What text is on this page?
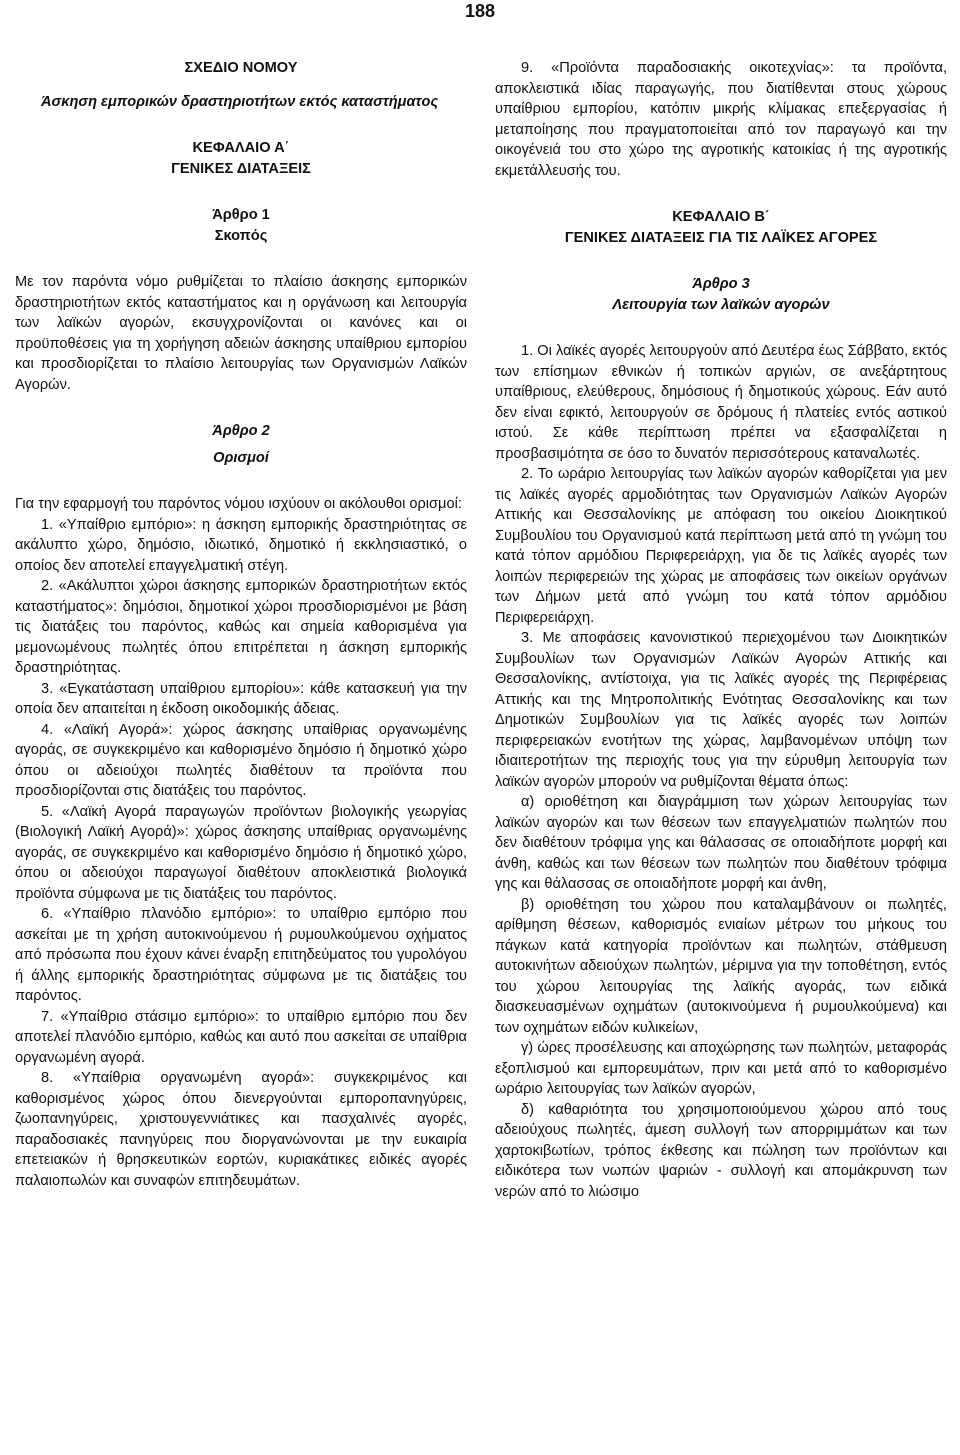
188

ΣΧΕΔΙΟ ΝΟΜΟΥ

Άσκηση εμπορικών δραστηριοτήτων εκτός καταστήματος

ΚΕΦΑΛΑΙΟ Α΄

ΓΕΝΙΚΕΣ ΔΙΑΤΑΞΕΙΣ

Άρθρο 1

Σκοπός

Με τον παρόντα νόμο ρυθμίζεται το πλαίσιο άσκησης εμπορικών δραστηριοτήτων εκτός καταστήματος και η οργάνωση και λειτουργία των λαϊκών αγορών, εκσυγχρονίζονται οι κανόνες και οι προϋποθέσεις για τη χορήγηση αδειών άσκησης υπαίθριου εμπορίου και προσδιορίζεται το πλαίσιο λειτουργίας των Οργανισμών Λαϊκών Αγορών.

Άρθρο 2

Ορισμοί

Για την εφαρμογή του παρόντος νόμου ισχύουν οι ακόλουθοι ορισμοί:

1. «Υπαίθριο εμπόριο»: η άσκηση εμπορικής δραστηριότητας σε ακάλυπτο χώρο, δημόσιο, ιδιωτικό, δημοτικό ή εκκλησιαστικό, ο οποίος δεν αποτελεί επαγγελματική στέγη.

2. «Ακάλυπτοι χώροι άσκησης εμπορικών δραστηριοτήτων εκτός καταστήματος»: δημόσιοι, δημοτικοί χώροι προσδιορισμένοι με βάση τις διατάξεις του παρόντος, καθώς και σημεία καθορισμένα για μεμονωμένους πωλητές όπου επιτρέπεται η άσκηση εμπορικής δραστηριότητας.

3. «Εγκατάσταση υπαίθριου εμπορίου»: κάθε κατασκευή για την οποία δεν απαιτείται η έκδοση οικοδομικής άδειας.

4. «Λαϊκή Αγορά»: χώρος άσκησης υπαίθριας οργανωμένης αγοράς, σε συγκεκριμένο και καθορισμένο δημόσιο ή δημοτικό χώρο όπου οι αδειούχοι πωλητές διαθέτουν τα προϊόντα που προσδιορίζονται στις διατάξεις του παρόντος.

5. «Λαϊκή Αγορά παραγωγών προϊόντων βιολογικής γεωργίας (Βιολογική Λαϊκή Αγορά)»: χώρος άσκησης υπαίθριας οργανωμένης αγοράς, σε συγκεκριμένο και καθορισμένο δημόσιο ή δημοτικό χώρο, όπου οι αδειούχοι παραγωγοί διαθέτουν αποκλειστικά βιολογικά προϊόντα σύμφωνα με τις διατάξεις του παρόντος.

6. «Υπαίθριο πλανόδιο εμπόριο»: το υπαίθριο εμπόριο που ασκείται με τη χρήση αυτοκινούμενου ή ρυμουλκούμενου οχήματος από πρόσωπα που έχουν κάνει έναρξη επιτηδεύματος του γυρολόγου ή άλλης εμπορικής δραστηριότητας σύμφωνα με τις διατάξεις του παρόντος.

7. «Υπαίθριο στάσιμο εμπόριο»: το υπαίθριο εμπόριο που δεν αποτελεί πλανόδιο εμπόριο, καθώς και αυτό που ασκείται σε υπαίθρια οργανωμένη αγορά.

8. «Υπαίθρια οργανωμένη αγορά»: συγκεκριμένος και καθορισμένος χώρος όπου διενεργούνται εμποροπανηγύρεις, ζωοπανηγύρεις, χριστουγεννιάτικες και πασχαλινές αγορές, παραδοσιακές πανηγύρεις που διοργανώνονται με την ευκαιρία επετειακών ή θρησκευτικών εορτών, κυριακάτικες ειδικές αγορές παλαιοπωλών και συναφών επιτηδευμάτων.

9. «Προϊόντα παραδοσιακής οικοτεχνίας»: τα προϊόντα, αποκλειστικά ιδίας παραγωγής, που διατίθενται στους χώρους υπαίθριου εμπορίου, κατόπιν μικρής κλίμακας επεξεργασίας ή μεταποίησης που πραγματοποιείται από τον παραγωγό και την οικογένειά του στο χώρο της αγροτικής κατοικίας ή της αγροτικής εκμετάλλευσής του.

ΚΕΦΑΛΑΙΟ Β΄

ΓΕΝΙΚΕΣ ΔΙΑΤΑΞΕΙΣ ΓΙΑ ΤΙΣ ΛΑΪΚΕΣ ΑΓΟΡΕΣ

Άρθρο 3

Λειτουργία των λαϊκών αγορών

1. Οι λαϊκές αγορές λειτουργούν από Δευτέρα έως Σάββατο, εκτός των επίσημων εθνικών ή τοπικών αργιών, σε ανεξάρτητους υπαίθριους, ελεύθερους, δημόσιους ή δημοτικούς χώρους. Εάν αυτό δεν είναι εφικτό, λειτουργούν σε δρόμους ή πλατείες εντός αστικού ιστού. Σε κάθε περίπτωση πρέπει να εξασφαλίζεται η προσβασιμότητα σε όσο το δυνατόν περισσότερους καταναλωτές.

2. Το ωράριο λειτουργίας των λαϊκών αγορών καθορίζεται για μεν τις λαϊκές αγορές αρμοδιότητας των Οργανισμών Λαϊκών Αγορών Αττικής και Θεσσαλονίκης με απόφαση του οικείου Διοικητικού Συμβουλίου του Οργανισμού κατά περίπτωση μετά από τη γνώμη του κατά τόπον αρμόδιου Περιφερειάρχη, για δε τις λαϊκές αγορές των λοιπών περιφερειών της χώρας με αποφάσεις των οικείων οργάνων των Δήμων μετά από γνώμη του κατά τόπον αρμόδιου Περιφερειάρχη.

3. Με αποφάσεις κανονιστικού περιεχομένου των Διοικητικών Συμβουλίων των Οργανισμών Λαϊκών Αγορών Αττικής και Θεσσαλονίκης, αντίστοιχα, για τις λαϊκές αγορές της Περιφέρειας Αττικής και της Μητροπολιτικής Ενότητας Θεσσαλονίκης και των Δημοτικών Συμβουλίων για τις λαϊκές αγορές των λοιπών περιφερειακών ενοτήτων της χώρας, λαμβανομένων υπόψη των ιδιαιτεροτήτων της περιοχής τους για την εύρυθμη λειτουργία των λαϊκών αγορών μπορούν να ρυθμίζονται θέματα όπως:

α) οριοθέτηση και διαγράμμιση των χώρων λειτουργίας των λαϊκών αγορών και των θέσεων των επαγγελματιών πωλητών που δεν διαθέτουν τρόφιμα γης και θάλασσας σε οποιαδήποτε μορφή και άνθη, καθώς και των θέσεων των πωλητών που διαθέτουν τρόφιμα γης και θάλασσας σε οποιαδήποτε μορφή και άνθη,

β) οριοθέτηση του χώρου που καταλαμβάνουν οι πωλητές, αρίθμηση θέσεων, καθορισμός ενιαίων μέτρων του μήκους του πάγκων κατά κατηγορία προϊόντων και πωλητών, στάθμευση αυτοκινήτων αδειούχων πωλητών, μέριμνα για την τοποθέτηση, εντός του χώρου λειτουργίας της λαϊκής αγοράς, των ειδικά διασκευασμένων οχημάτων (αυτοκινούμενα ή ρυμουλκούμενα) και των οχημάτων ειδών κυλικείων,

γ) ώρες προσέλευσης και αποχώρησης των πωλητών, μεταφοράς εξοπλισμού και εμπορευμάτων, πριν και μετά από το καθορισμένο ωράριο λειτουργίας των λαϊκών αγορών,

δ) καθαριότητα του χρησιμοποιούμενου χώρου από τους αδειούχους πωλητές, άμεση συλλογή των απορριμμάτων και των χαρτοκιβωτίων, τρόπος έκθεσης και πώληση των προϊόντων και ειδικότερα των νωπών ψαριών - συλλογή και απομάκρυνση των νερών από το λιώσιμο
